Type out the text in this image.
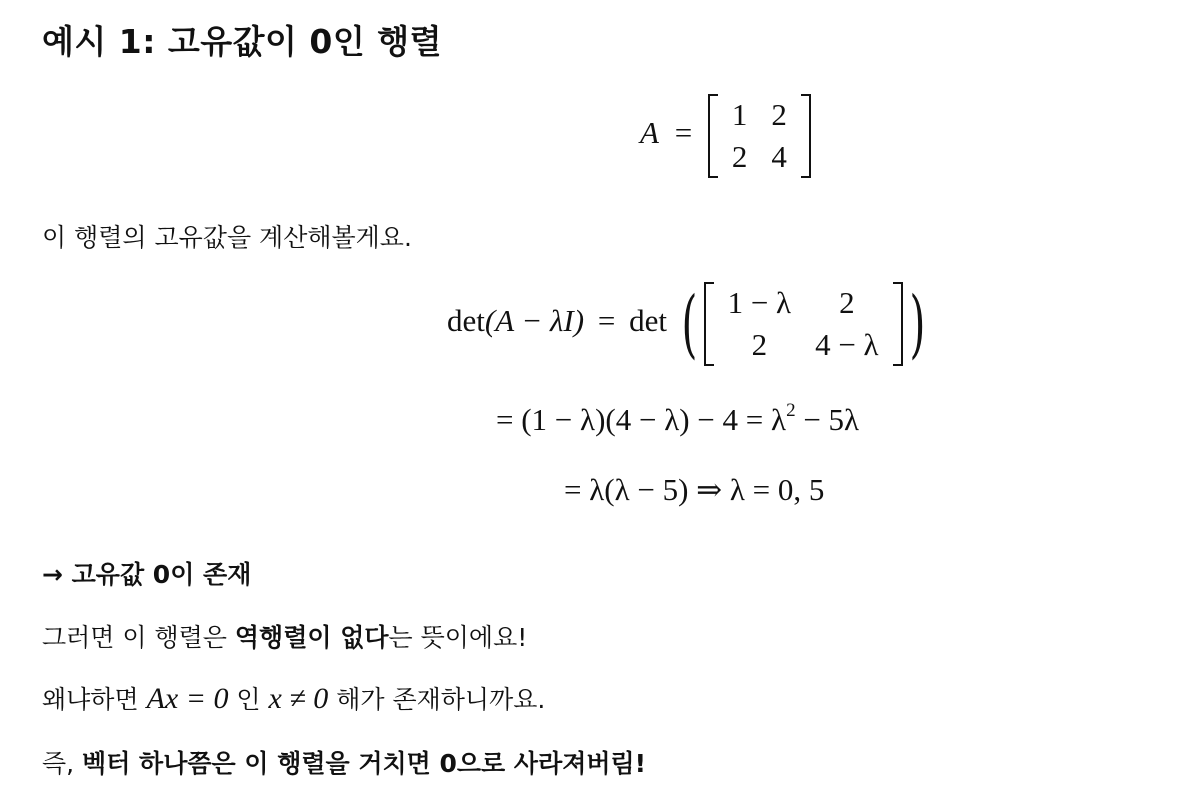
예시 1: 고유값이 0인 행렬
A =
1	2
2	4
이 행렬의 고유값을 계산해볼게요.
det(A − λI) = det ( 1 − λ	2
2	4 − λ )
= $(1 - \lambda)(4 - \lambda) - 4 = \lambda^2 - 5\lambda$
= λ(λ − 5) ⇒ λ = 0, 5
→ 고유값 0이 존재
그러면 이 행렬은 역행렬이 없다는 뜻이에요!
왜냐하면 Ax = 0 인 x ≠ 0 해가 존재하니까요.
즉, 벡터 하나쯤은 이 행렬을 거치면 0으로 사라져버림!
